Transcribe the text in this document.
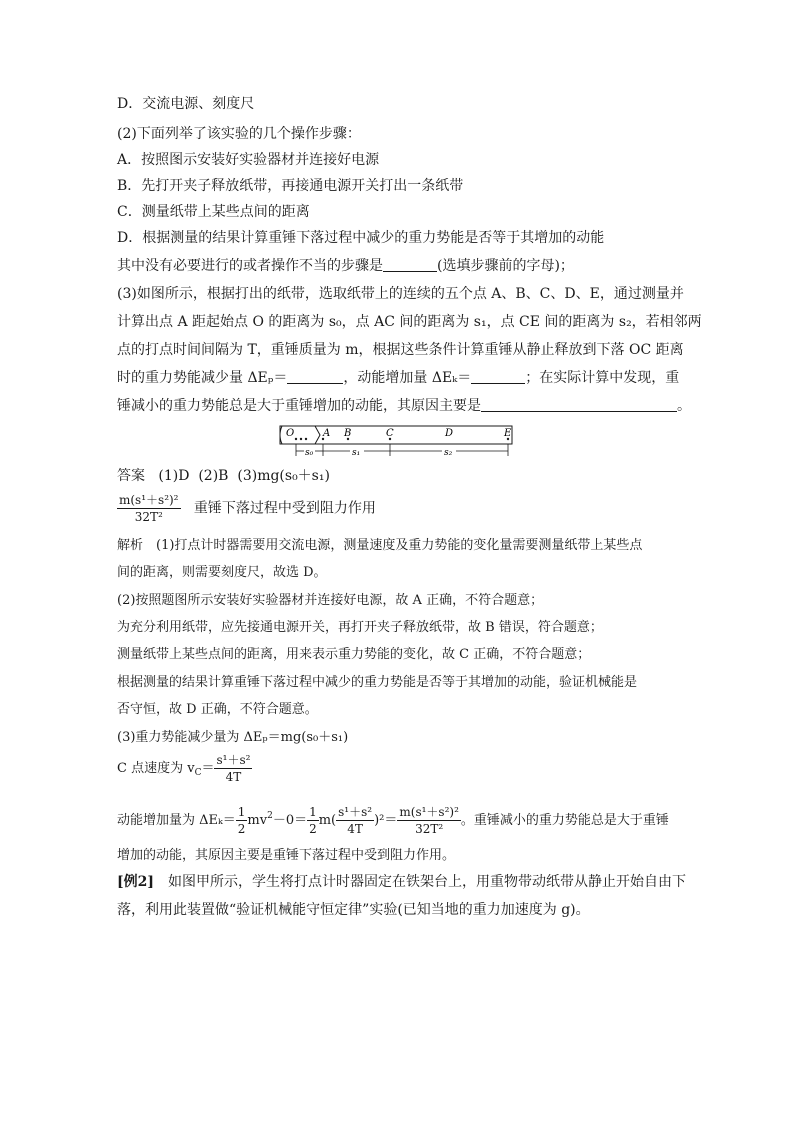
D．交流电源、刻度尺
(2)下面列举了该实验的几个操作步骤：
A．按照图示安装好实验器材并连接好电源
B．先打开夹子释放纸带，再接通电源开关打出一条纸带
C．测量纸带上某些点间的距离
D．根据测量的结果计算重锤下落过程中减少的重力势能是否等于其增加的动能
其中没有必要进行的或者操作不当的步骤是	(选填步骤前的字母)；
(3)如图所示，根据打出的纸带，选取纸带上的连续的五个点 A、B、C、D、E，通过测量并
计算出点 A 距起始点 O 的距离为 s₀，点 AC 间的距离为 s₁，点 CE 间的距离为 s₂，若相邻两
点的打点时间间隔为 T，重锤质量为 m，根据这些条件计算重锤从静止释放到下落 OC 距离
时的重力势能减少量 ΔEₚ＝	，动能增加量 ΔEₖ＝	；在实际计算中发现，重
锤减小的重力势能总是大于重锤增加的动能，其原因主要是	。
O	A B	C	D	E
s₀	s₁	s₂
答案 (1)D (2)B (3)mg(s₀＋s₁)
$\frac{\text{m(s¹＋s²)²}}{\text{32T²}}$ 重锤下落过程中受到阻力作用
解析　(1)打点计时器需要用交流电源，测量速度及重力势能的变化量需要测量纸带上某些点
间的距离，则需要刻度尺，故选 D。
(2)按照题图所示安装好实验器材并连接好电源，故 A 正确，不符合题意；
为充分利用纸带，应先接通电源开关，再打开夹子释放纸带，故 B 错误，符合题意；
测量纸带上某些点间的距离，用来表示重力势能的变化，故 C 正确，不符合题意；
根据测量的结果计算重锤下落过程中减少的重力势能是否等于其增加的动能，验证机械能是
否守恒，故 D 正确，不符合题意。
(3)重力势能减少量为 ΔEₚ＝mg(s₀＋s₁)
C 点速度为 $v_C= \frac{\text{s¹＋s²}}{4T}$
动能增加量为 $\Delta E_k= \frac{1}{2} mv^2-0= \frac{1}{2} m( \frac{\text{s¹＋s²}}{4T} )^2= \frac{\text{m(s¹＋s²)²}}{\text{32T²}}$ 。重锤减小的重力势能总是大于重锤
增加的动能，其原因主要是重锤下落过程中受到阻力作用。
[例2]　如图甲所示，学生将打点计时器固定在铁架台上，用重物带动纸带从静止开始自由下
落，利用此装置做“验证机械能守恒定律”实验(已知当地的重力加速度为 g)。
